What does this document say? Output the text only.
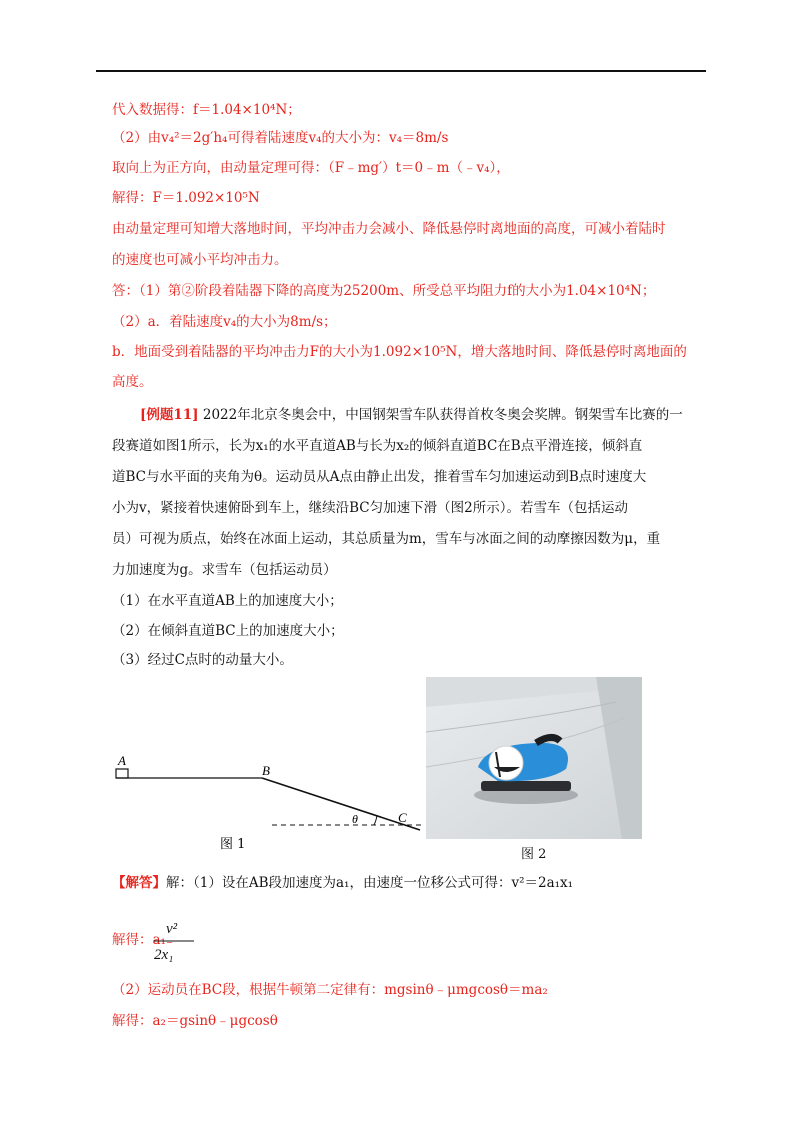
代入数据得：f＝1.04×10⁴N；
（2）由v₄²＝2g′h₄可得着陆速度v₄的大小为：v₄＝8m/s
取向上为正方向，由动量定理可得：（F﹣mg′）t＝0﹣m（﹣v₄），
解得：F＝1.092×10⁵N
由动量定理可知增大落地时间，平均冲击力会减小、降低悬停时离地面的高度，可减小着陆时
的速度也可减小平均冲击力。
答：（1）第②阶段着陆器下降的高度为25200m、所受总平均阻力f的大小为1.04×10⁴N；
（2）a．着陆速度v₄的大小为8m/s；
b．地面受到着陆器的平均冲击力F的大小为1.092×10⁵N，增大落地时间、降低悬停时离地面的
高度。
[例题11] 2022年北京冬奥会中，中国钢架雪车队获得首枚冬奥会奖牌。钢架雪车比赛的一
段赛道如图1所示，长为x₁的水平直道AB与长为x₂的倾斜直道BC在B点平滑连接，倾斜直
道BC与水平面的夹角为θ。运动员从A点由静止出发，推着雪车匀加速运动到B点时速度大
小为v，紧接着快速俯卧到车上，继续沿BC匀加速下滑（图2所示）。若雪车（包括运动
员）可视为质点，始终在冰面上运动，其总质量为m，雪车与冰面之间的动摩擦因数为μ，重
力加速度为g。求雪车（包括运动员）
（1）在水平直道AB上的加速度大小；
（2）在倾斜直道BC上的加速度大小；
（3）经过C点时的动量大小。
A
B
C
θ
图 1
图 2
【解答】解：（1）设在AB段加速度为a₁，由速度一位移公式可得：v²＝2a₁x₁
解得：a₁₌
v²
2x₁
（2）运动员在BC段，根据牛顿第二定律有：mgsinθ﹣μmgcosθ＝ma₂
解得：a₂＝gsinθ﹣μgcosθ
